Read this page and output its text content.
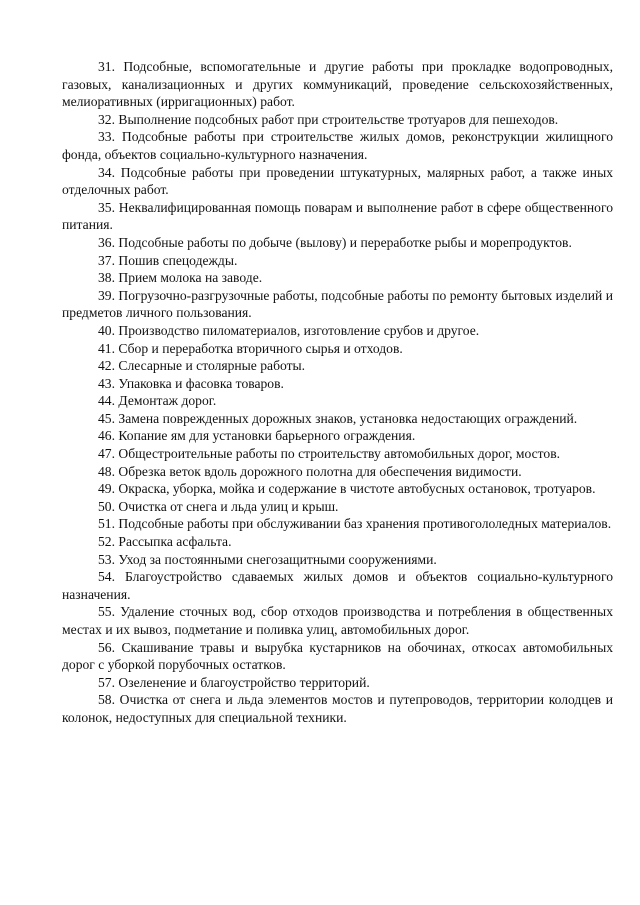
31. Подсобные, вспомогательные и другие работы при прокладке водопроводных, газовых, канализационных и других коммуникаций, проведение сельскохозяйственных, мелиоративных (ирригационных) работ.

32. Выполнение подсобных работ при строительстве тротуаров для пешеходов.

33. Подсобные работы при строительстве жилых домов, реконструкции жилищного фонда, объектов социально-культурного назначения.

34. Подсобные работы при проведении штукатурных, малярных работ, а также иных отделочных работ.

35. Неквалифицированная помощь поварам и выполнение работ в сфере общественного питания.

36. Подсобные работы по добыче (вылову) и переработке рыбы и морепродуктов.

37. Пошив спецодежды.

38. Прием молока на заводе.

39. Погрузочно-разгрузочные работы, подсобные работы по ремонту бытовых изделий и предметов личного пользования.

40. Производство пиломатериалов, изготовление срубов и другое.

41. Сбор и переработка вторичного сырья и отходов.

42. Слесарные и столярные работы.

43. Упаковка и фасовка товаров.

44. Демонтаж дорог.

45. Замена поврежденных дорожных знаков, установка недостающих ограждений.

46. Копание ям для установки барьерного ограждения.

47. Общестроительные работы по строительству автомобильных дорог, мостов.

48. Обрезка веток вдоль дорожного полотна для обеспечения видимости.

49. Окраска, уборка, мойка и содержание в чистоте автобусных остановок, тротуаров.

50. Очистка от снега и льда улиц и крыш.

51. Подсобные работы при обслуживании баз хранения противогололедных материалов.

52. Рассыпка асфальта.

53. Уход за постоянными снегозащитными сооружениями.

54. Благоустройство сдаваемых жилых домов и объектов социально-культурного назначения.

55. Удаление сточных вод, сбор отходов производства и потребления в общественных местах и их вывоз, подметание и поливка улиц, автомобильных дорог.

56. Скашивание травы и вырубка кустарников на обочинах, откосах автомобильных дорог с уборкой порубочных остатков.

57. Озеленение и благоустройство территорий.

58. Очистка от снега и льда элементов мостов и путепроводов, территории колодцев и колонок, недоступных для специальной техники.
